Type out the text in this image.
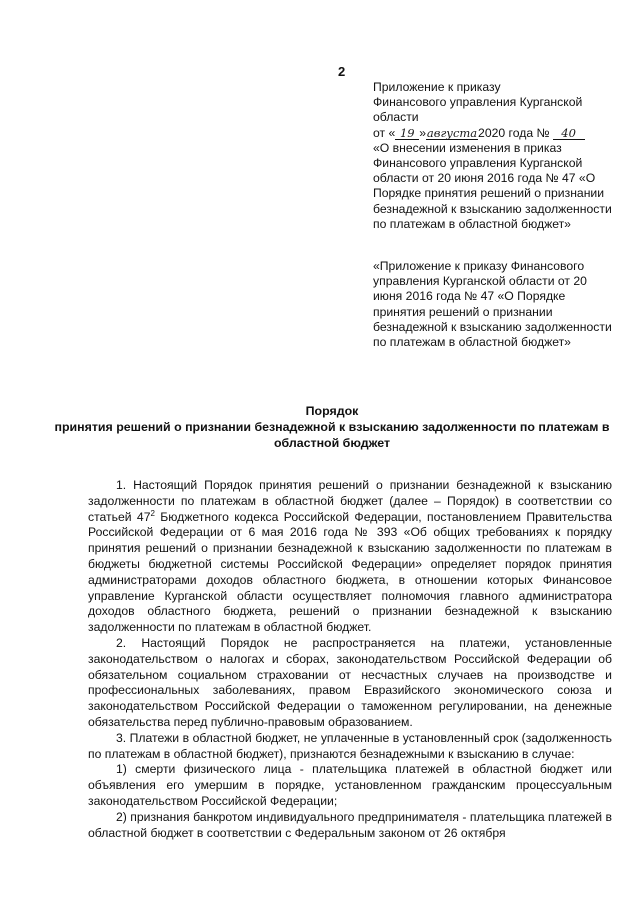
2

Приложение к приказу

Финансового управления Курганской

области

от « 19 »августа2020 года № 40

«О внесении изменения в приказ Финансового управления Курганской области от 20 июня 2016 года № 47 «О Порядке принятия решений о признании безнадежной к взысканию задолженности по платежам в областной бюджет»

«Приложение к приказу Финансового управления Курганской области от 20 июня 2016 года № 47 «О Порядке принятия решений о признании безнадежной к взысканию задолженности по платежам в областной бюджет»

Порядок

принятия решений о признании безнадежной к взысканию задолженности по платежам в областной бюджет

1. Настоящий Порядок принятия решений о признании безнадежной к взысканию задолженности по платежам в областной бюджет (далее – Порядок) в соответствии со статьей $47^2$ Бюджетного кодекса Российской Федерации, постановлением Правительства Российской Федерации от 6 мая 2016 года № 393 «Об общих требованиях к порядку принятия решений о признании безнадежной к взысканию задолженности по платежам в бюджеты бюджетной системы Российской Федерации» определяет порядок принятия администраторами доходов областного бюджета, в отношении которых Финансовое управление Курганской области осуществляет полномочия главного администратора доходов областного бюджета, решений о признании безнадежной к взысканию задолженности по платежам в областной бюджет.

2. Настоящий Порядок не распространяется на платежи, установленные законодательством о налогах и сборах, законодательством Российской Федерации об обязательном социальном страховании от несчастных случаев на производстве и профессиональных заболеваниях, правом Евразийского экономического союза и законодательством Российской Федерации о таможенном регулировании, на денежные обязательства перед публично-правовым образованием.

3. Платежи в областной бюджет, не уплаченные в установленный срок (задолженность по платежам в областной бюджет), признаются безнадежными к взысканию в случае:

1) смерти физического лица - плательщика платежей в областной бюджет или объявления его умершим в порядке, установленном гражданским процессуальным законодательством Российской Федерации;

2) признания банкротом индивидуального предпринимателя - плательщика платежей в областной бюджет в соответствии с Федеральным законом от 26 октября
